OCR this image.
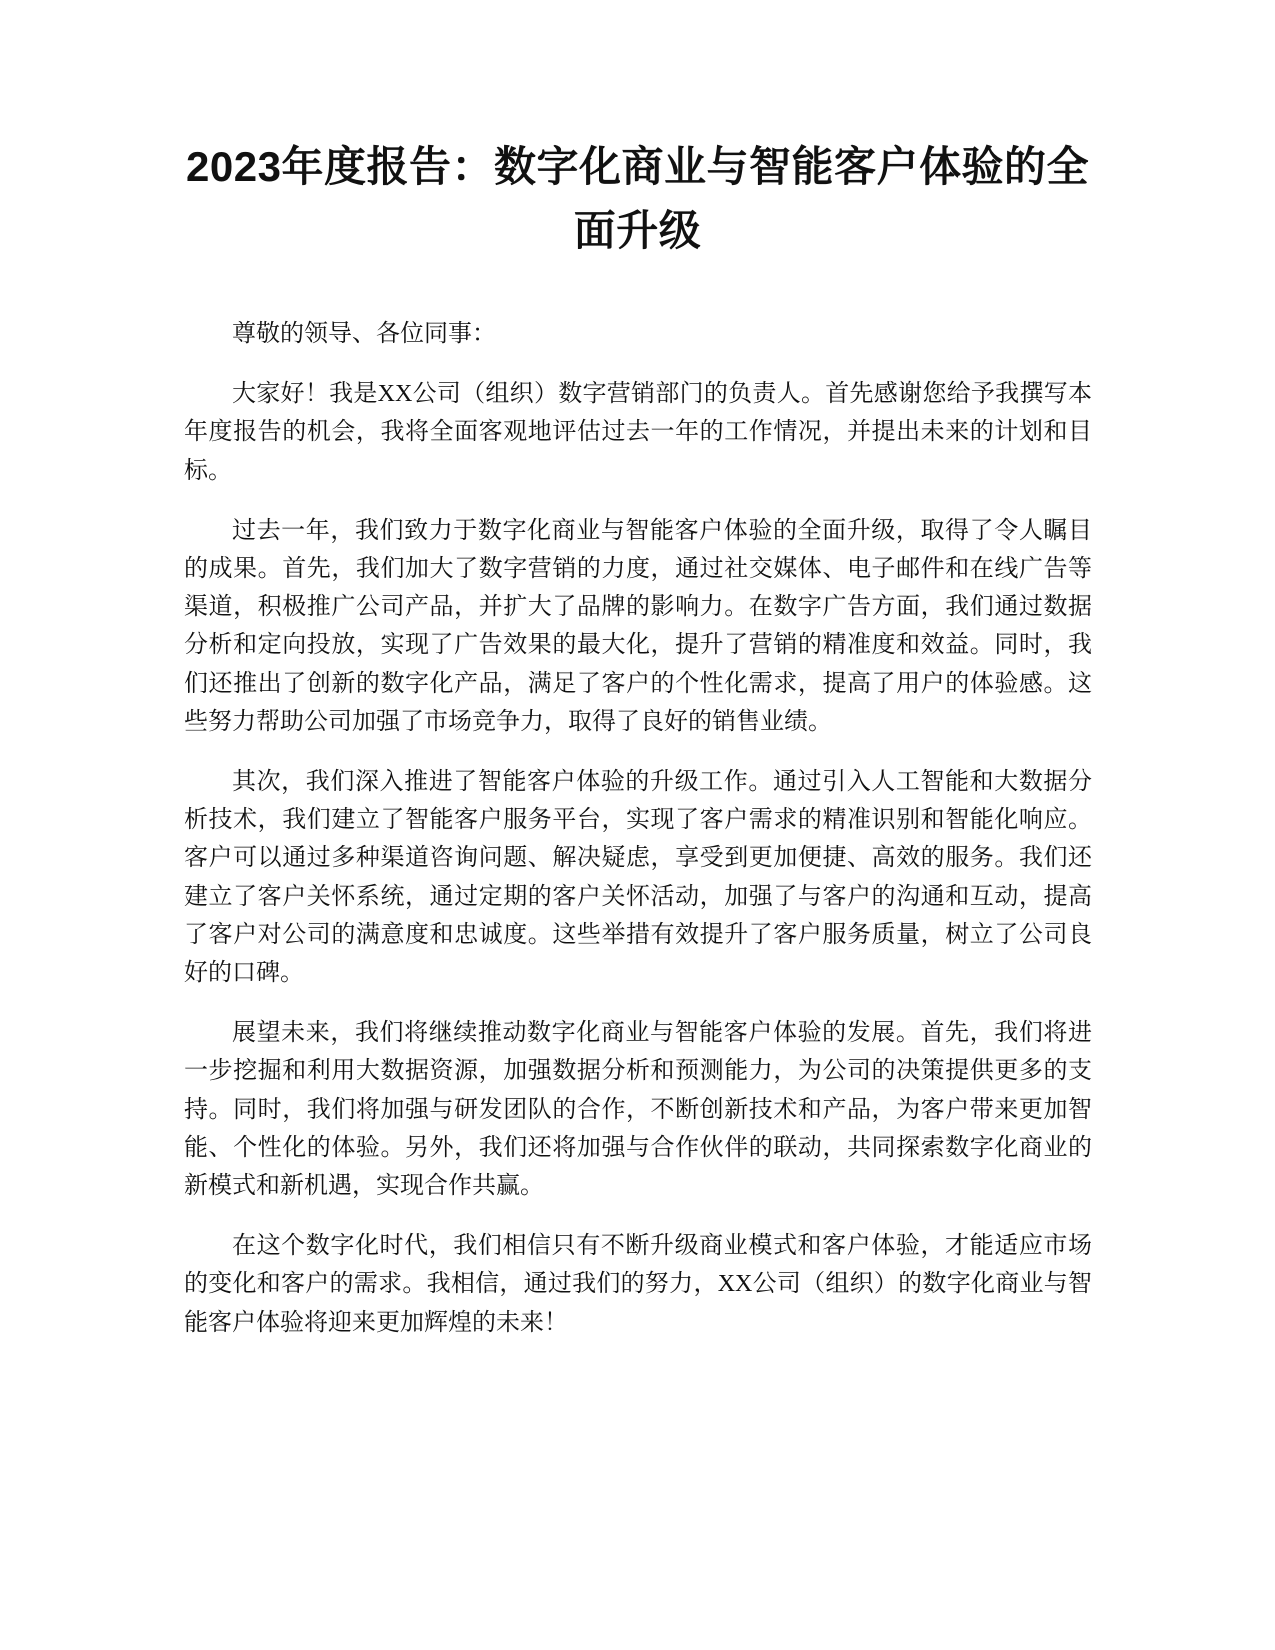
2023年度报告：数字化商业与智能客户体验的全面升级

尊敬的领导、各位同事：

大家好！我是XX公司（组织）数字营销部门的负责人。首先感谢您给予我撰写本年度报告的机会，我将全面客观地评估过去一年的工作情况，并提出未来的计划和目标。

过去一年，我们致力于数字化商业与智能客户体验的全面升级，取得了令人瞩目的成果。首先，我们加大了数字营销的力度，通过社交媒体、电子邮件和在线广告等渠道，积极推广公司产品，并扩大了品牌的影响力。在数字广告方面，我们通过数据分析和定向投放，实现了广告效果的最大化，提升了营销的精准度和效益。同时，我们还推出了创新的数字化产品，满足了客户的个性化需求，提高了用户的体验感。这些努力帮助公司加强了市场竞争力，取得了良好的销售业绩。

其次，我们深入推进了智能客户体验的升级工作。通过引入人工智能和大数据分析技术，我们建立了智能客户服务平台，实现了客户需求的精准识别和智能化响应。客户可以通过多种渠道咨询问题、解决疑虑，享受到更加便捷、高效的服务。我们还建立了客户关怀系统，通过定期的客户关怀活动，加强了与客户的沟通和互动，提高了客户对公司的满意度和忠诚度。这些举措有效提升了客户服务质量，树立了公司良好的口碑。

展望未来，我们将继续推动数字化商业与智能客户体验的发展。首先，我们将进一步挖掘和利用大数据资源，加强数据分析和预测能力，为公司的决策提供更多的支持。同时，我们将加强与研发团队的合作，不断创新技术和产品，为客户带来更加智能、个性化的体验。另外，我们还将加强与合作伙伴的联动，共同探索数字化商业的新模式和新机遇，实现合作共赢。

在这个数字化时代，我们相信只有不断升级商业模式和客户体验，才能适应市场的变化和客户的需求。我相信，通过我们的努力，XX公司（组织）的数字化商业与智能客户体验将迎来更加辉煌的未来！
